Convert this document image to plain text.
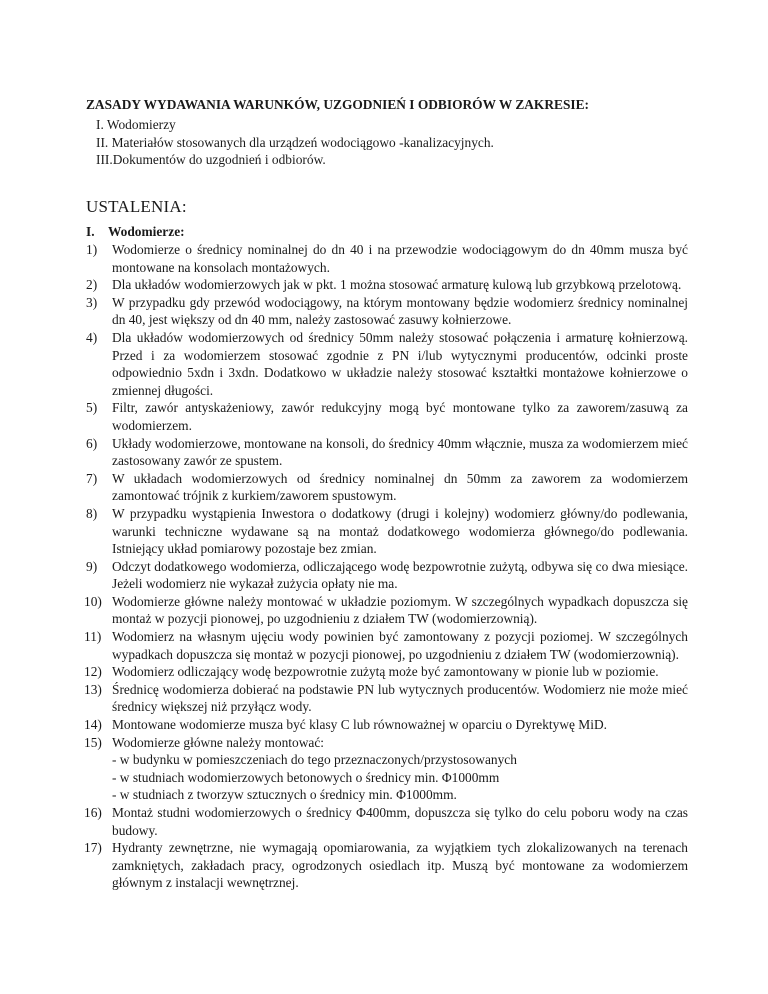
ZASADY WYDAWANIA WARUNKÓW, UZGODNIEŃ I ODBIORÓW W ZAKRESIE:
I. Wodomierzy
II. Materiałów stosowanych dla urządzeń wodociągowo -kanalizacyjnych.
III.Dokumentów do uzgodnień i odbiorów.
USTALENIA:
I. Wodomierze:
1)	Wodomierze o średnicy nominalnej do dn 40 i na przewodzie wodociągowym do dn 40mm musza być montowane na konsolach montażowych.
2)	Dla układów wodomierzowych jak w pkt. 1 można stosować armaturę kulową lub grzybkową przelotową.
3)	W przypadku gdy przewód wodociągowy, na którym montowany będzie wodomierz średnicy nominalnej dn 40, jest większy od dn 40 mm, należy zastosować zasuwy kołnierzowe.
4)	Dla układów wodomierzowych od średnicy 50mm należy stosować połączenia i armaturę kołnierzową. Przed i za wodomierzem stosować zgodnie z PN i/lub wytycznymi producentów, odcinki proste odpowiednio 5xdn i 3xdn. Dodatkowo w układzie należy stosować kształtki montażowe kołnierzowe o zmiennej długości.
5)	Filtr, zawór antyskażeniowy, zawór redukcyjny mogą być montowane tylko za zaworem/zasuwą za wodomierzem.
6)	Układy wodomierzowe, montowane na konsoli, do średnicy 40mm włącznie, musza za wodomierzem mieć zastosowany zawór ze spustem.
7)	W układach wodomierzowych od średnicy nominalnej dn 50mm za zaworem za wodomierzem zamontować trójnik z kurkiem/zaworem spustowym.
8)	W przypadku wystąpienia Inwestora o dodatkowy (drugi i kolejny) wodomierz główny/do podlewania, warunki techniczne wydawane są na montaż dodatkowego wodomierza głównego/do podlewania. Istniejący układ pomiarowy pozostaje bez zmian.
9)	Odczyt dodatkowego wodomierza, odliczającego wodę bezpowrotnie zużytą, odbywa się co dwa miesiące. Jeżeli wodomierz nie wykazał zużycia opłaty nie ma.
10) Wodomierze główne należy montować w układzie poziomym. W szczególnych wypadkach dopuszcza się montaż w pozycji pionowej, po uzgodnieniu z działem TW (wodomierzownią).
11) Wodomierz na własnym ujęciu wody powinien być zamontowany z pozycji poziomej. W szczególnych wypadkach dopuszcza się montaż w pozycji pionowej, po uzgodnieniu z działem TW (wodomierzownią).
12) Wodomierz odliczający wodę bezpowrotnie zużytą może być zamontowany w pionie lub w poziomie.
13) Średnicę wodomierza dobierać na podstawie PN lub wytycznych producentów. Wodomierz nie może mieć średnicy większej niż przyłącz wody.
14) Montowane wodomierze musza być klasy C lub równoważnej w oparciu o Dyrektywę MiD.
15) Wodomierze główne należy montować:
- w budynku w pomieszczeniach do tego przeznaczonych/przystosowanych
- w studniach wodomierzowych betonowych o średnicy min. Φ1000mm
- w studniach z tworzyw sztucznych o średnicy min. Φ1000mm.
16) Montaż studni wodomierzowych o średnicy Φ400mm, dopuszcza się tylko do celu poboru wody na czas budowy.
17) Hydranty zewnętrzne, nie wymagają opomiarowania, za wyjątkiem tych zlokalizowanych na terenach zamkniętych, zakładach pracy, ogrodzonych osiedlach itp. Muszą być montowane za wodomierzem głównym z instalacji wewnętrznej.
